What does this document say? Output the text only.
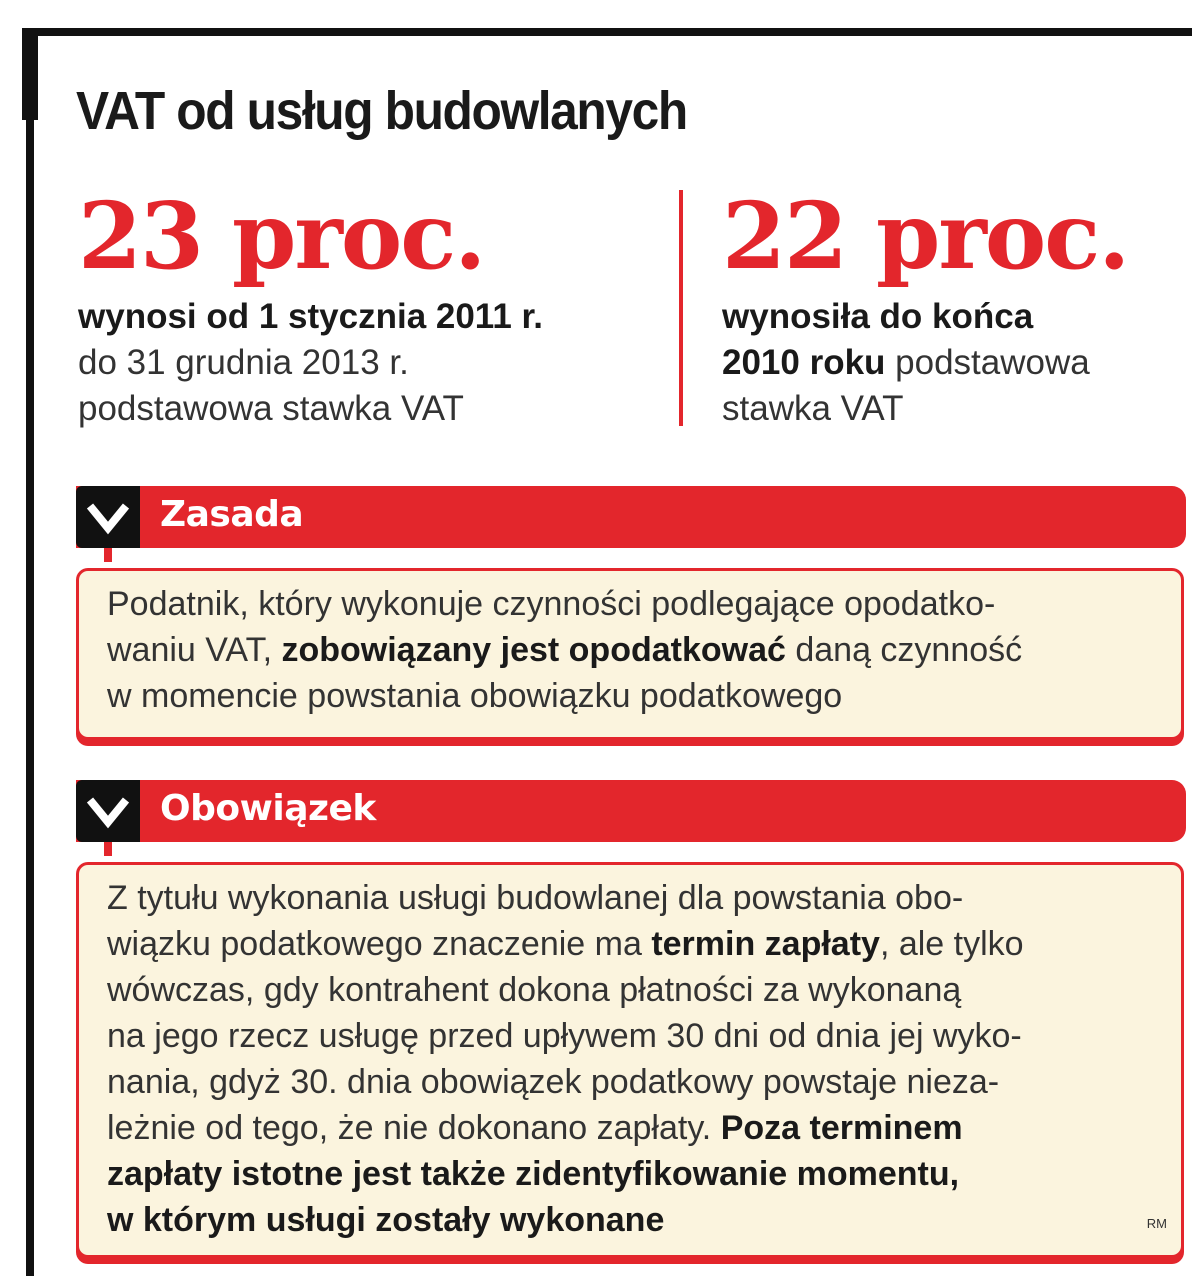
VAT od usług budowlanych
23 proc.
wynosi od 1 stycznia 2011 r.
do 31 grudnia 2013 r.
podstawowa stawka VAT
22 proc.
wynosiła do końca
2010 roku podstawowa
stawka VAT
Zasada
Podatnik, który wykonuje czynności podlegające opodatko-
waniu VAT, zobowiązany jest opodatkować daną czynność
w momencie powstania obowiązku podatkowego
Obowiązek
Z tytułu wykonania usługi budowlanej dla powstania obo-
wiązku podatkowego znaczenie ma termin zapłaty, ale tylko
wówczas, gdy kontrahent dokona płatności za wykonaną
na jego rzecz usługę przed upływem 30 dni od dnia jej wyko-
nania, gdyż 30. dnia obowiązek podatkowy powstaje nieza-
leżnie od tego, że nie dokonano zapłaty. Poza terminem
zapłaty istotne jest także zidentyfikowanie momentu,
w którym usługi zostały wykonane	RM
